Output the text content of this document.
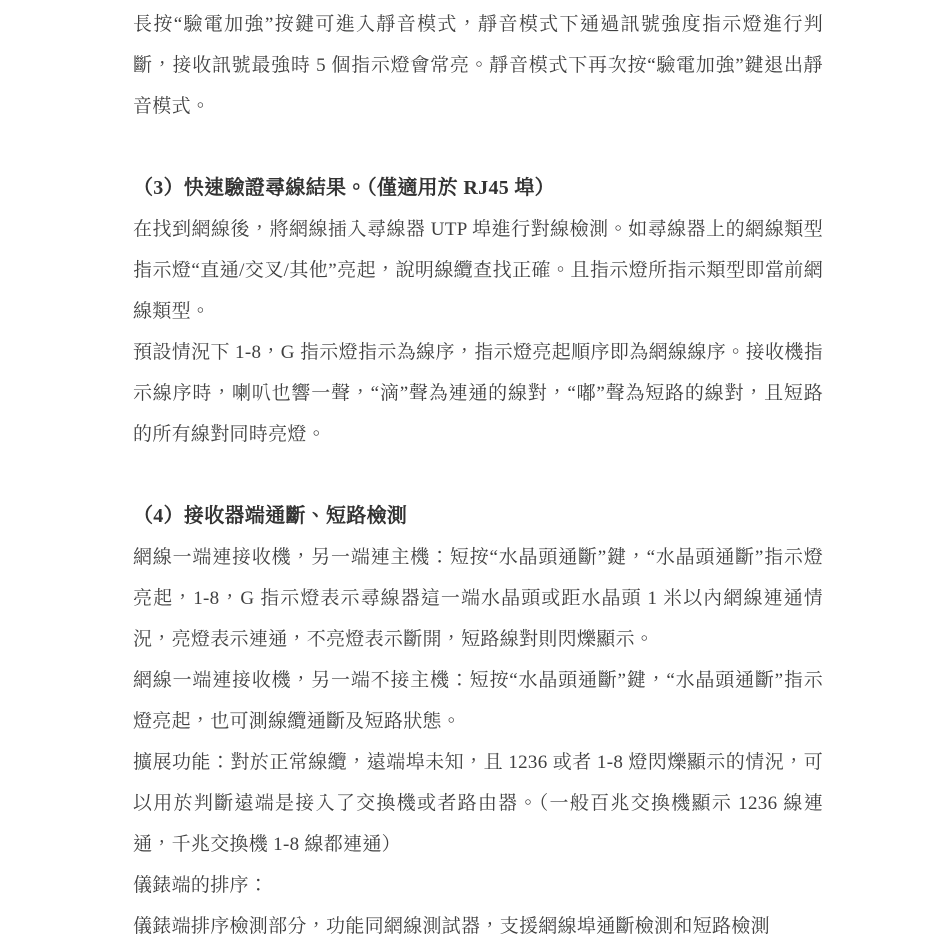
長按“驗電加強”按鍵可進入靜音模式，靜音模式下通過訊號強度指示燈進行判斷，接收訊號最強時 5 個指示燈會常亮。靜音模式下再次按“驗電加強”鍵退出靜音模式。

（3）快速驗證尋線結果。（僅適用於 RJ45 埠）

在找到網線後，將網線插入尋線器 UTP 埠進行對線檢測。如尋線器上的網線類型指示燈“直通/交叉/其他”亮起，說明線纜查找正確。且指示燈所指示類型即當前網線類型。

預設情況下 1-8，G 指示燈指示為線序，指示燈亮起順序即為網線線序。接收機指示線序時，喇叭也響一聲，“滴”聲為連通的線對，“嘟”聲為短路的線對，且短路的所有線對同時亮燈。

（4）接收器端通斷、短路檢測

網線一端連接收機，另一端連主機：短按“水晶頭通斷”鍵，“水晶頭通斷”指示燈亮起，1-8，G 指示燈表示尋線器這一端水晶頭或距水晶頭 1 米以內網線連通情況，亮燈表示連通，不亮燈表示斷開，短路線對則閃爍顯示。

網線一端連接收機，另一端不接主機：短按“水晶頭通斷”鍵，“水晶頭通斷”指示燈亮起，也可測線纜通斷及短路狀態。

擴展功能：對於正常線纜，遠端埠未知，且 1236 或者 1-8 燈閃爍顯示的情況，可以用於判斷遠端是接入了交換機或者路由器。（一般百兆交換機顯示 1236 線連通，千兆交換機 1-8 線都連通）

儀錶端的排序：

儀錶端排序檢測部分，功能同網線測試器，支援網線埠通斷檢測和短路檢測
